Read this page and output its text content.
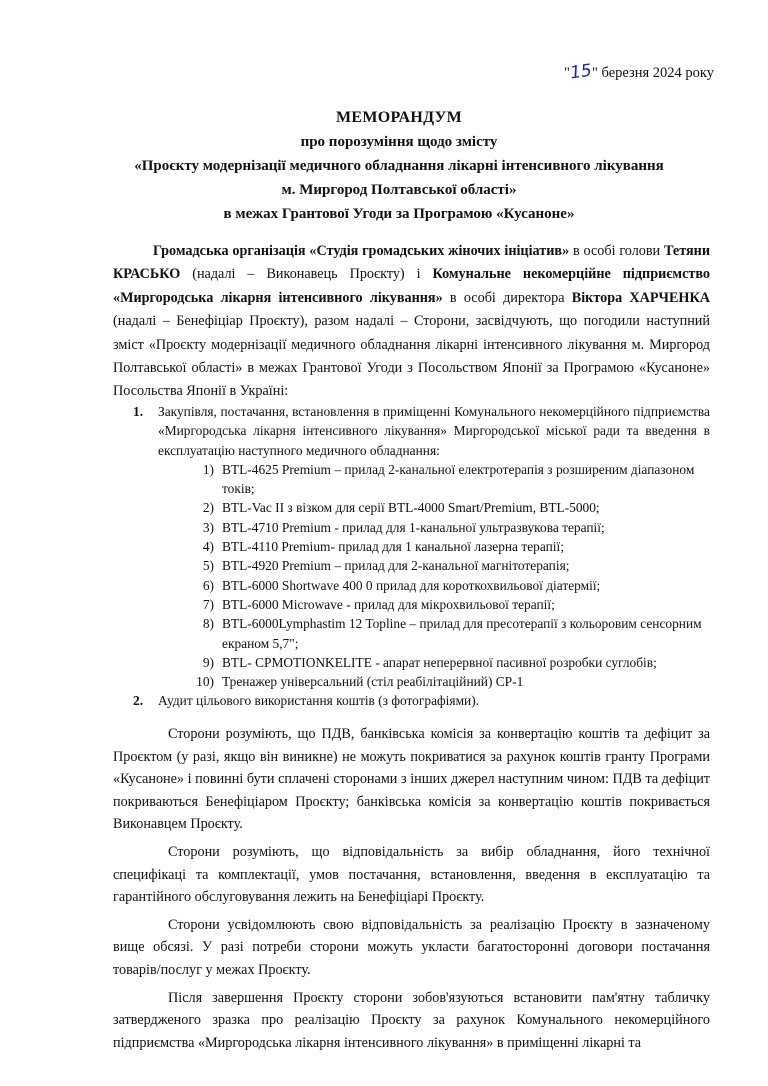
"15" березня 2024 року
МЕМОРАНДУМ
про порозуміння щодо змісту
«Проєкту модернізації медичного обладнання лікарні інтенсивного лікування
м. Миргород Полтавської області»
в межах Грантової Угоди за Програмою «Кусаноне»

Громадська організація «Студія громадських жіночих ініціатив» в особі голови Тетяни КРАСЬКО (надалі – Виконавець Проєкту) і Комунальне некомерційне підприємство «Миргородська лікарня інтенсивного лікування» в особі директора Віктора ХАРЧЕНКА (надалі – Бенефіціар Проєкту), разом надалі – Сторони, засвідчують, що погодили наступний зміст «Проєкту модернізації медичного обладнання лікарні інтенсивного лікування м. Миргород Полтавської області» в межах Грантової Угоди з Посольством Японії за Програмою «Кусаноне» Посольства Японії в Україні:

1. Закупівля, постачання, встановлення в приміщенні Комунального некомерційного підприємства «Миргородська лікарня інтенсивного лікування» Миргородської міської ради та введення в експлуатацію наступного медичного обладнання:
1) BTL-4625 Premium – прилад 2-канальної електротерапія з розширеним діапазоном токів;
2) BTL-Vac II з візком для серії BTL-4000 Smart/Premium, BTL-5000;
3) BTL-4710 Premium - прилад для 1-канальної ультразвукова терапії;
4) BTL-4110 Premium- прилад для 1 канальної лазерна терапії;
5) BTL-4920 Premium – прилад для 2-канальної магнітотерапія;
6) BTL-6000 Shortwave 400 0 прилад для короткохвильової діатермії;
7) BTL-6000 Microwave - прилад для мікрохвильової терапії;
8) BTL-6000Lymphastim 12 Topline – прилад для пресотерапії з кольоровим сенсорним екраном 5,7";
9) BTL- CPMOTIONKELITE - апарат неперервної пасивної розробки суглобів;
10) Тренажер універсальний (стіл реабілітаційний) CP-1
2. Аудит цільового використання коштів (з фотографіями).

Сторони розуміють, що ПДВ, банківська комісія за конвертацію коштів та дефіцит за Проєктом (у разі, якщо він виникне) не можуть покриватися за рахунок коштів гранту Програми «Кусаноне» і повинні бути сплачені сторонами з інших джерел наступним чином: ПДВ та дефіцит покриваються Бенефіціаром Проєкту; банківська комісія за конвертацію коштів покривається Виконавцем Проєкту.

Сторони розуміють, що відповідальність за вибір обладнання, його технічної специфікаці та комплектації, умов постачання, встановлення, введення в експлуатацію та гарантійного обслуговування лежить на Бенефіціарі Проєкту.

Сторони усвідомлюють свою відповідальність за реалізацію Проєкту в зазначеному вище обсязі. У разі потреби сторони можуть укласти багатосторонні договори постачання товарів/послуг у межах Проєкту.

Після завершення Проєкту сторони зобов'язуються встановити пам'ятну табличку затвердженого зразка про реалізацію Проєкту за рахунок Комунального некомерційного підприємства «Миргородська лікарня інтенсивного лікування» в приміщенні лікарні та
